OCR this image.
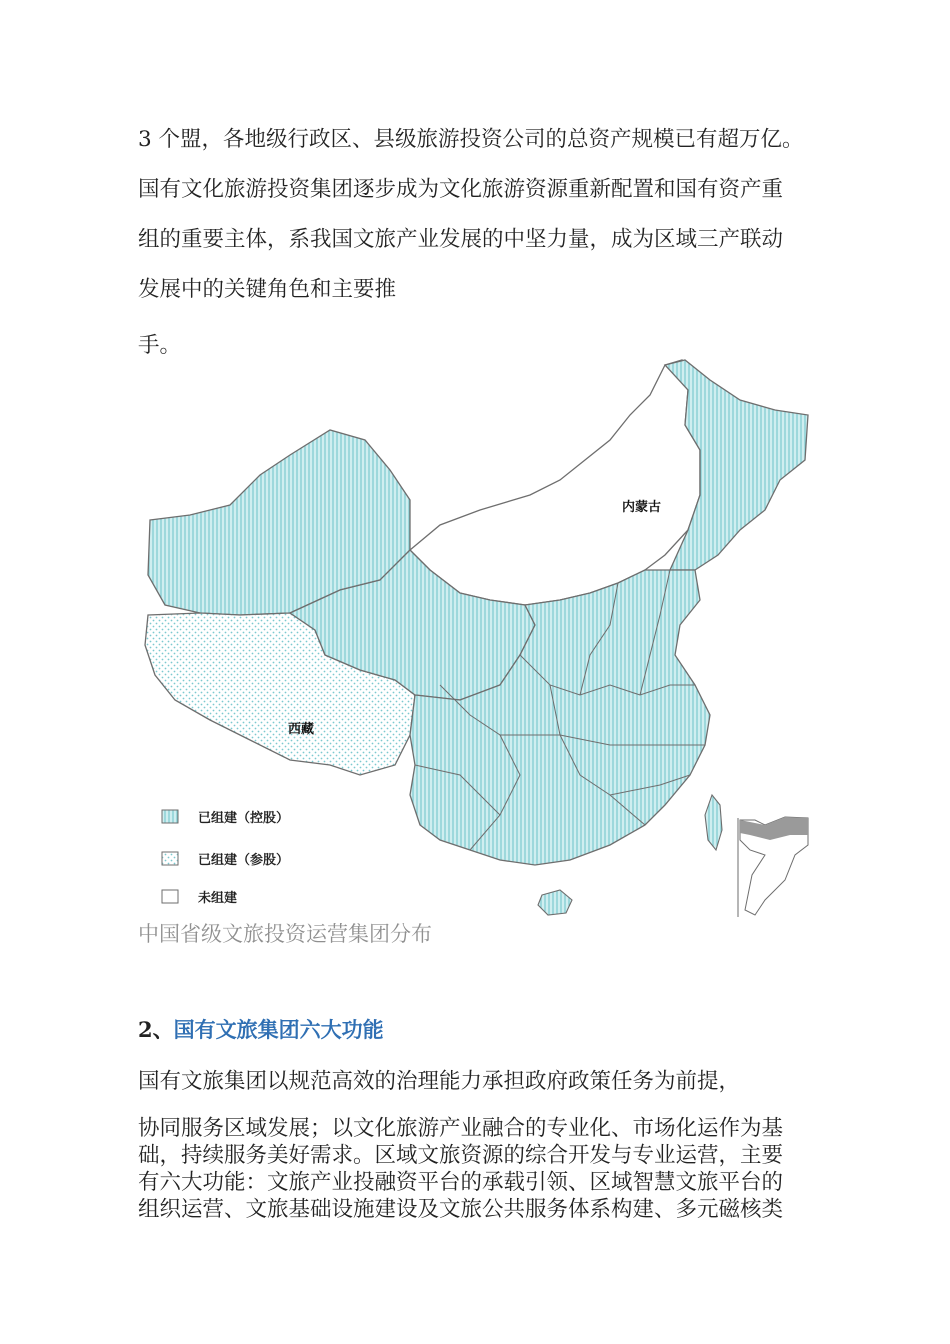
3 个盟，各地级行政区、县级旅游投资公司的总资产规模已有超万亿。

国有文化旅游投资集团逐步成为文化旅游资源重新配置和国有资产重

组的重要主体，系我国文旅产业发展的中坚力量，成为区域三产联动

发展中的关键角色和主要推

手。

内蒙古
西藏
已组建（控股）
已组建（参股）
未组建

中国省级文旅投资运营集团分布

2、国有文旅集团六大功能

国有文旅集团以规范高效的治理能力承担政府政策任务为前提，

协同服务区域发展；以文化旅游产业融合的专业化、市场化运作为基

础，持续服务美好需求。区域文旅资源的综合开发与专业运营，主要

有六大功能：文旅产业投融资平台的承载引领、区域智慧文旅平台的

组织运营、文旅基础设施建设及文旅公共服务体系构建、多元磁核类
